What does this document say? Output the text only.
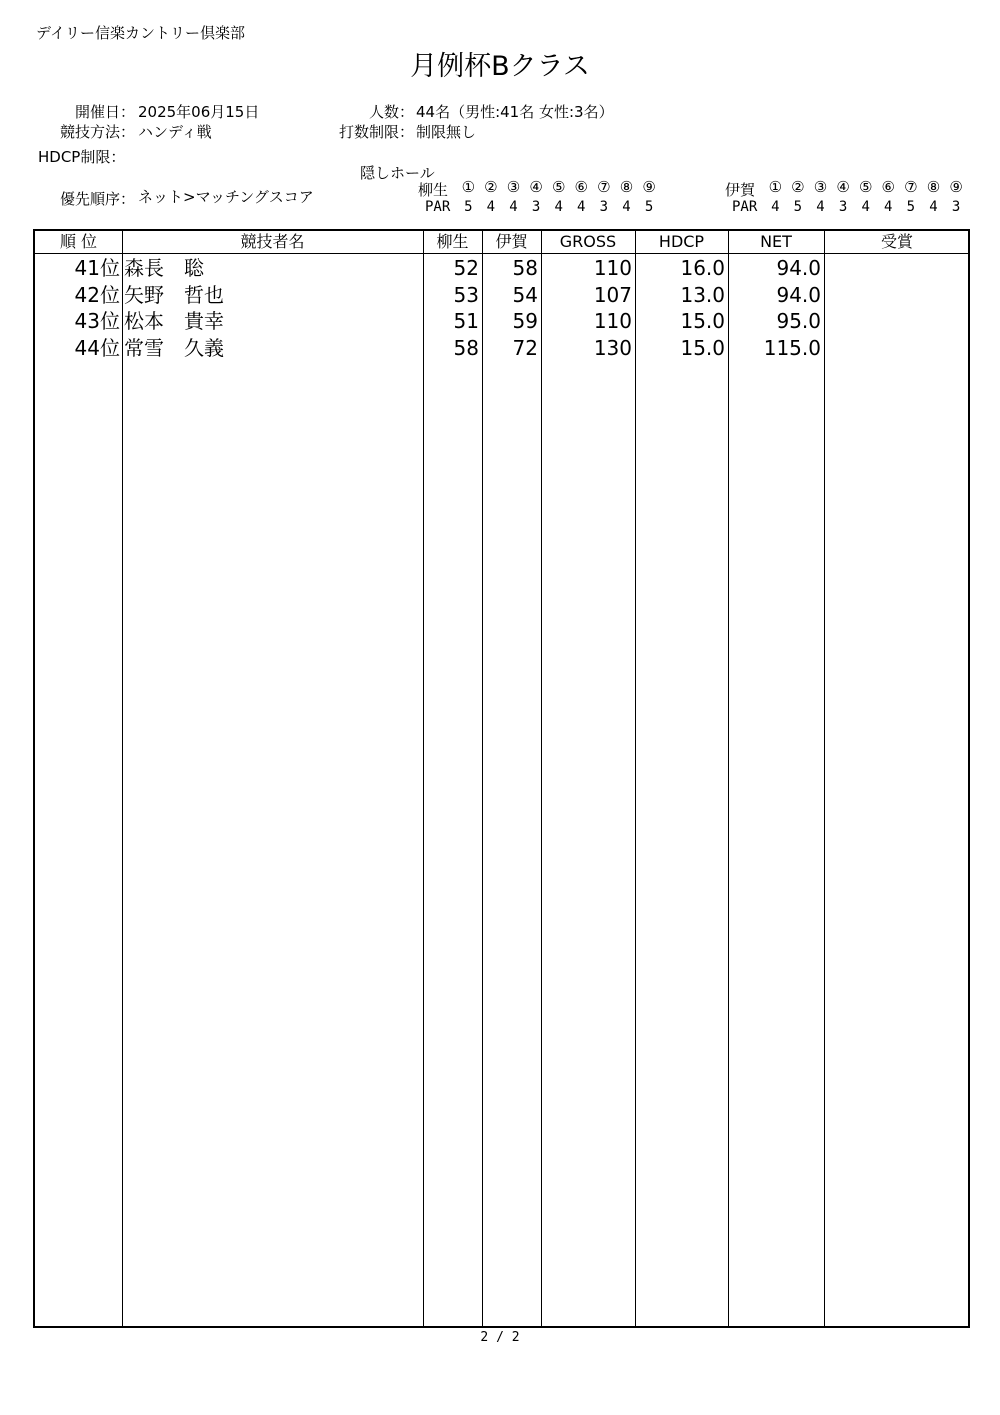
デイリー信楽カントリー倶楽部
月例杯Bクラス
開催日： 2025年06月15日
競技方法： ハンディ戦
HDCP制限：
優先順序： ネット>マッチングスコア
人数： 44名（男性:41名 女性:3名）
打数制限： 制限無し
隠しホール
柳生 ① ② ③ ④ ⑤ ⑥ ⑦ ⑧ ⑨
PAR 5 4 4 3 4 4 3 4 5
伊賀 ① ② ③ ④ ⑤ ⑥ ⑦ ⑧ ⑨
PAR 4 5 4 3 4 4 5 4 3
順 位	競技者名	柳生	伊賀	GROSS	HDCP	NET	受賞
41位 森長　聡	52	58	110	16.0	94.0
42位 矢野　哲也	53	54	107	13.0	94.0
43位 松本　貴幸	51	59	110	15.0	95.0
44位 常雪　久義	58	72	130	15.0	115.0
2 / 2
